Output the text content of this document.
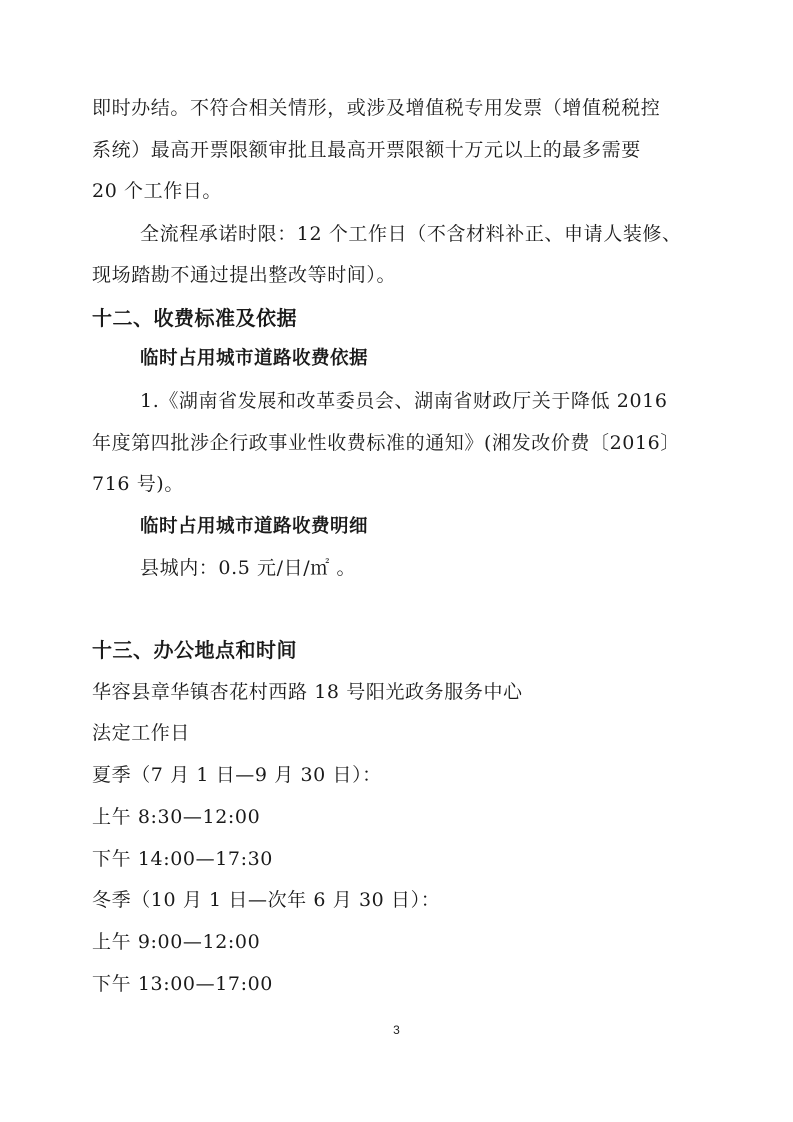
即时办结。不符合相关情形，或涉及增值税专用发票（增值税税控
系统）最高开票限额审批且最高开票限额十万元以上的最多需要
20 个工作日。
全流程承诺时限：12 个工作日（不含材料补正、申请人装修、
现场踏勘不通过提出整改等时间）。
十二、收费标准及依据
临时占用城市道路收费依据
1.《湖南省发展和改革委员会、湖南省财政厅关于降低 2016
年度第四批涉企行政事业性收费标准的通知》(湘发改价费〔2016〕
716 号)。
临时占用城市道路收费明细
县城内：0.5 元/日/㎡ 。
十三、办公地点和时间
华容县章华镇杏花村西路 18 号阳光政务服务中心
法定工作日
夏季（7 月 1 日—9 月 30 日）：
上午 8:30—12:00
下午 14:00—17:30
冬季（10 月 1 日—次年 6 月 30 日）：
上午 9:00—12:00
下午 13:00—17:00
3
